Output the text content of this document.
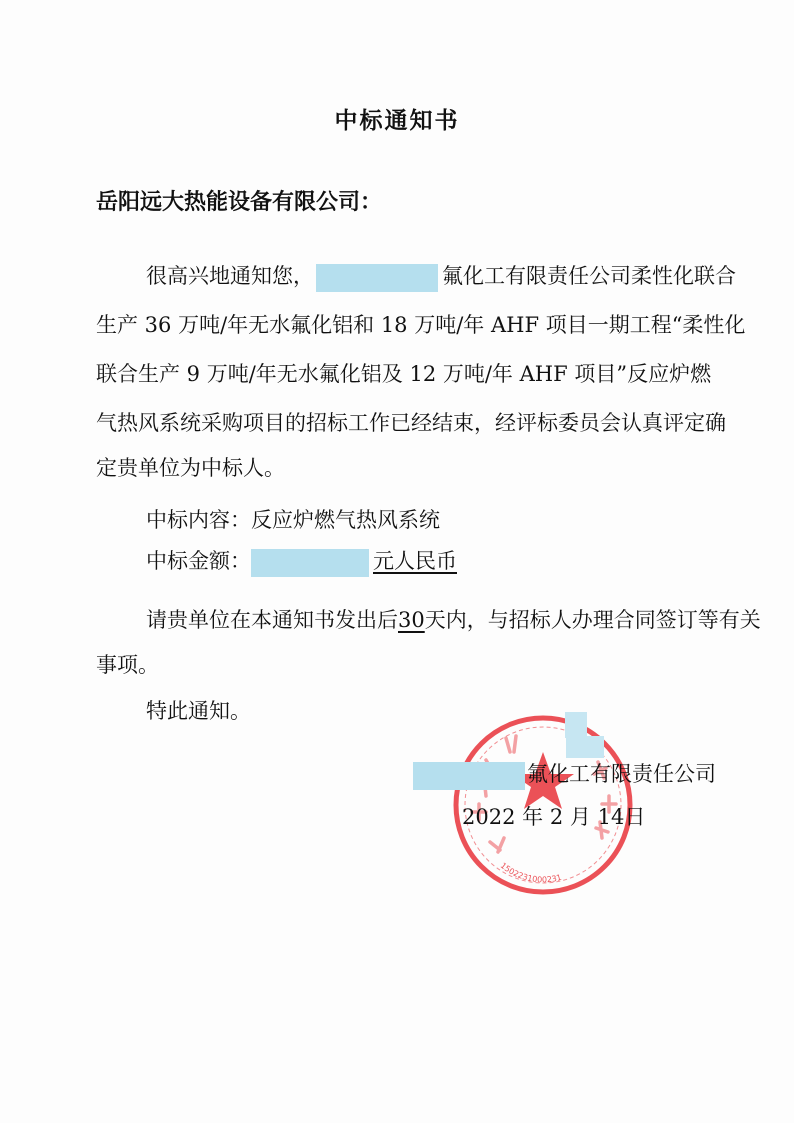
中标通知书
岳阳远大热能设备有限公司：
很高兴地通知您，	氟化工有限责任公司柔性化联合
生产 36 万吨/年无水氟化铝和 18 万吨/年 AHF 项目一期工程“柔性化
联合生产 9 万吨/年无水氟化铝及 12 万吨/年 AHF 项目”反应炉燃
气热风系统采购项目的招标工作已经结束，经评标委员会认真评定确
定贵单位为中标人。
中标内容：反应炉燃气热风系统
中标金额：	元人民币
请贵单位在本通知书发出后30天内，与招标人办理合同签订等有关
事项。
特此通知。
1502231000231
氟化工有限责任公司
2022 年 2 月 14日
